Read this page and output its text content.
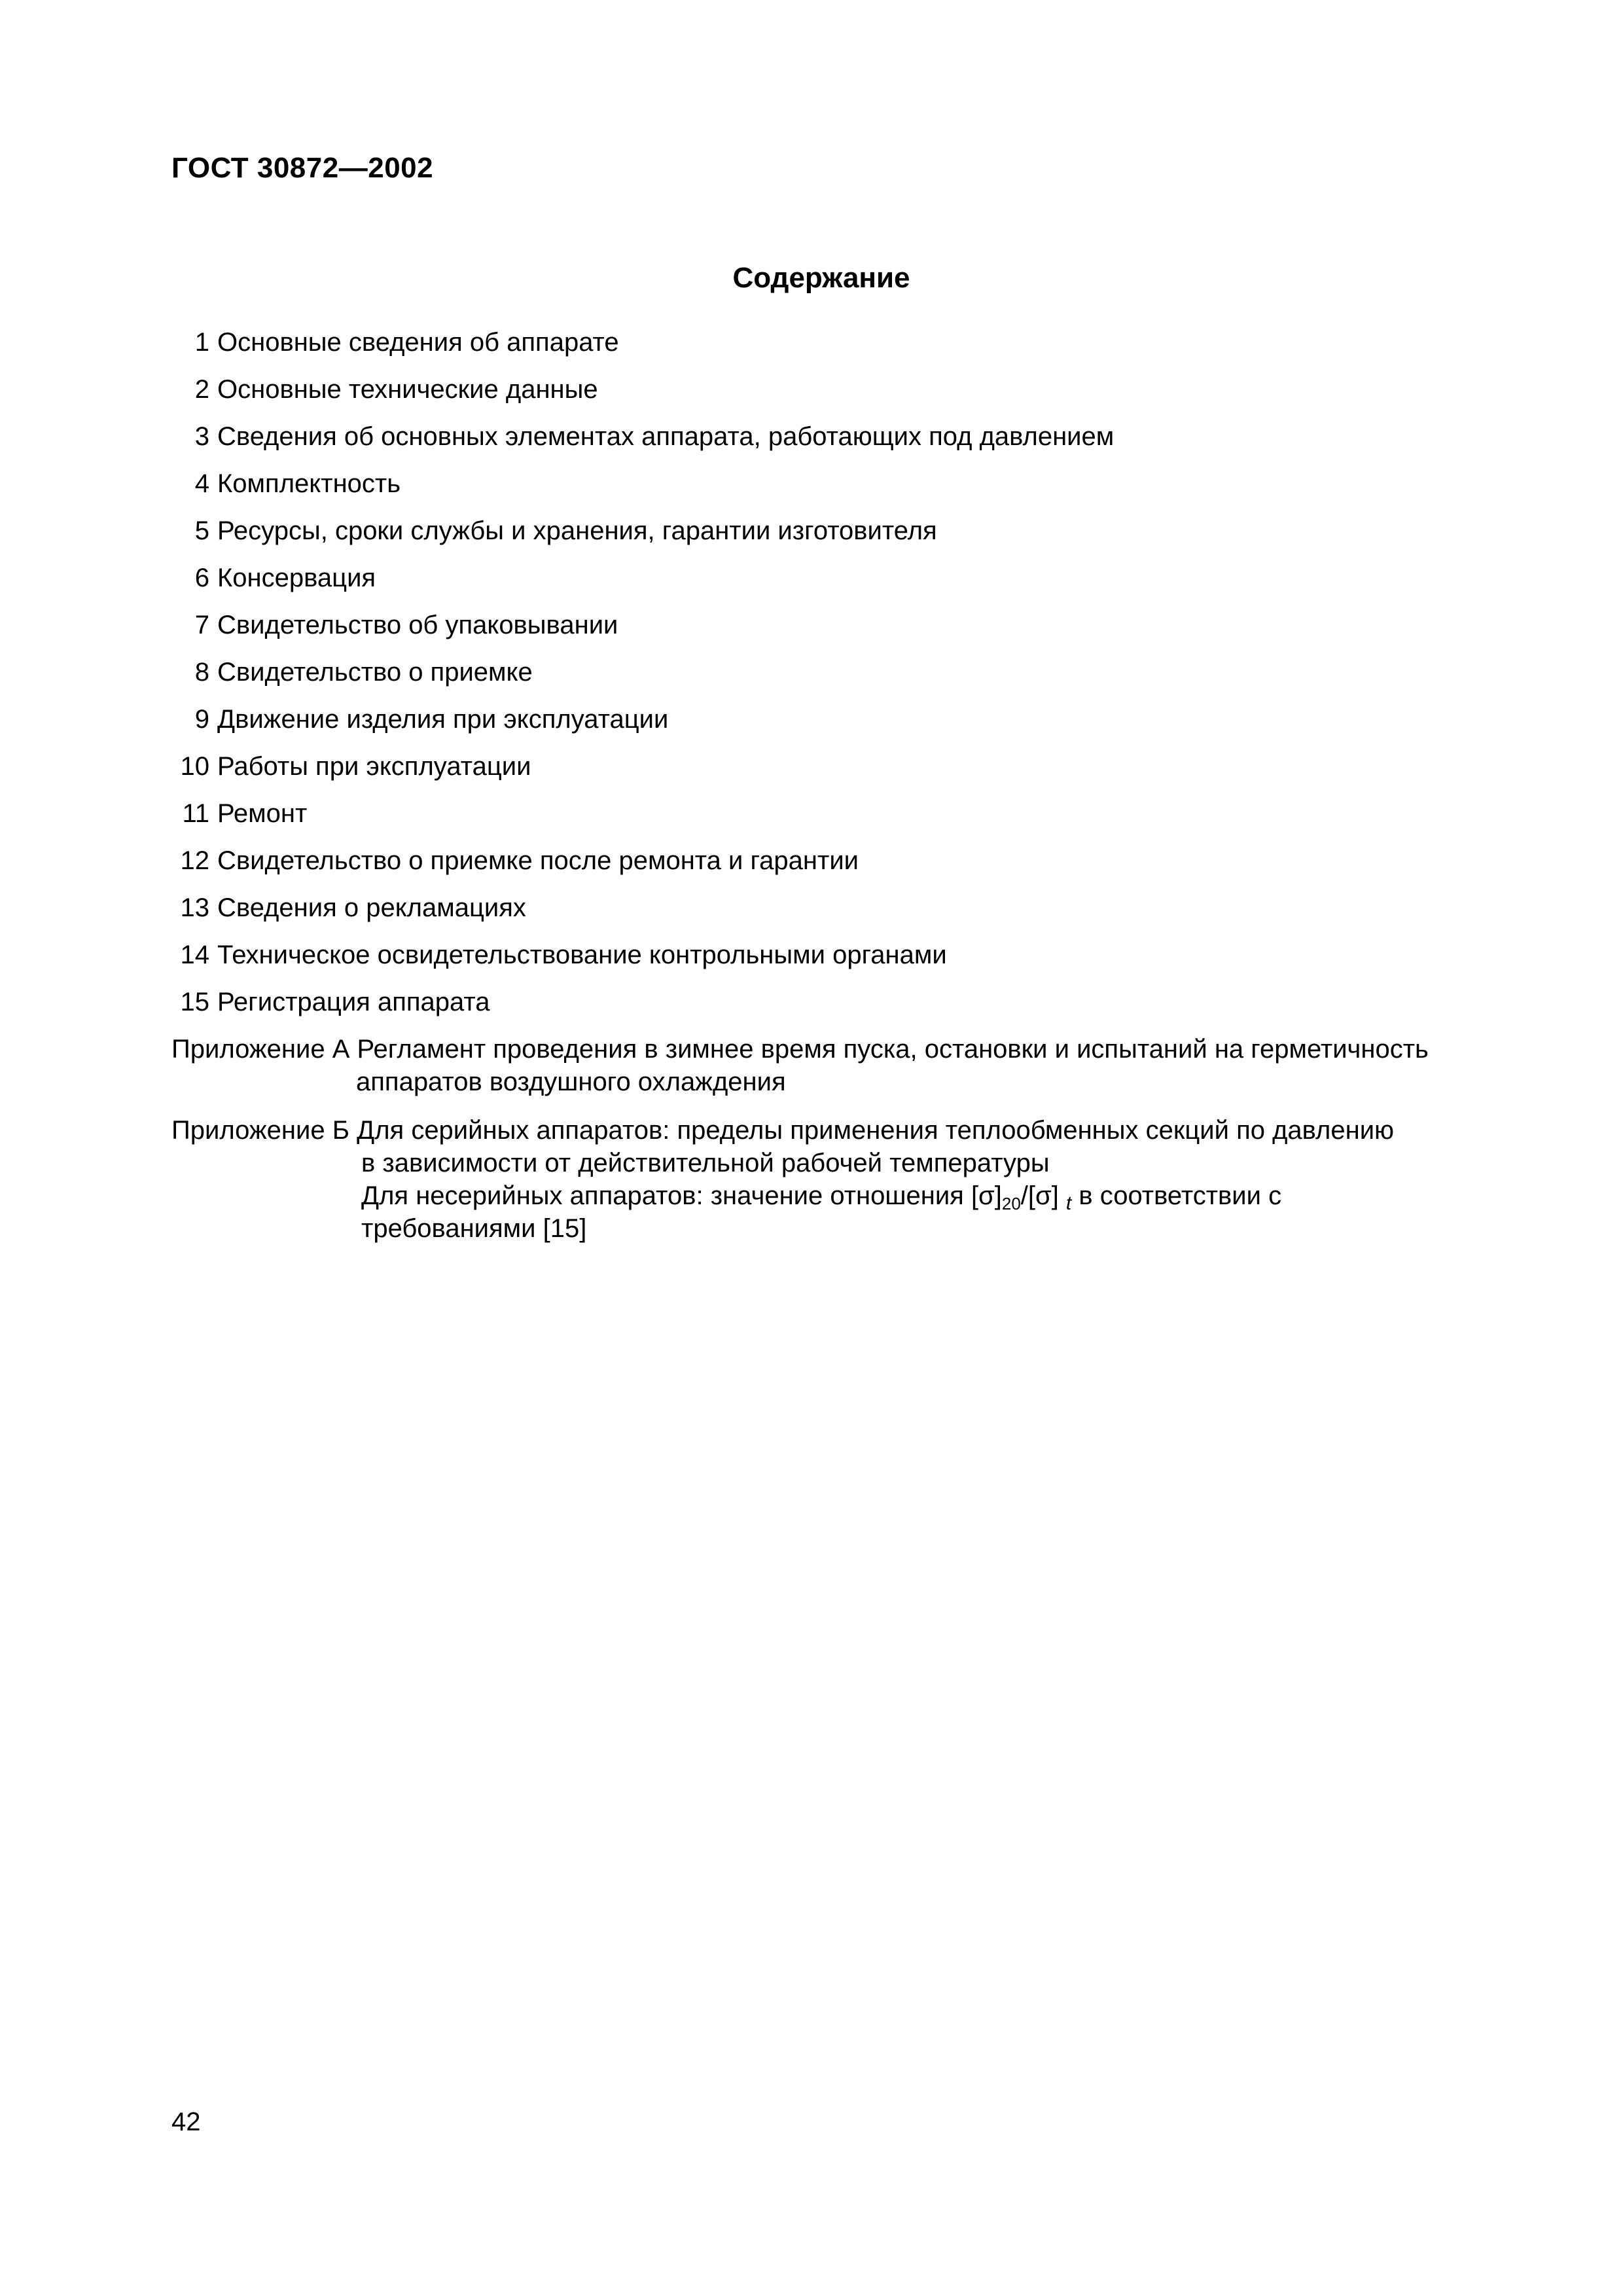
ГОСТ 30872—2002
Содержание
1 Основные сведения об аппарате
2 Основные технические данные
3 Сведения об основных элементах аппарата, работающих под давлением
4 Комплектность
5 Ресурсы, сроки службы и хранения, гарантии изготовителя
6 Консервация
7 Свидетельство об упаковывании
8 Свидетельство о приемке
9 Движение изделия при эксплуатации
10 Работы при эксплуатации
11 Ремонт
12 Свидетельство о приемке после ремонта и гарантии
13 Сведения о рекламациях
14 Техническое освидетельствование контрольными органами
15 Регистрация аппарата
Приложение А Регламент проведения в зимнее время пуска, остановки и испытаний на герметичность
аппаратов воздушного охлаждения
Приложение Б Для серийных аппаратов: пределы применения теплообменных секций по давлению
в зависимости от действительной рабочей температуры
Для несерийных аппаратов: значение отношения $[\sigma]_{20}/[\sigma]$ $_t$ в соответствии с
требованиями [15]
42
